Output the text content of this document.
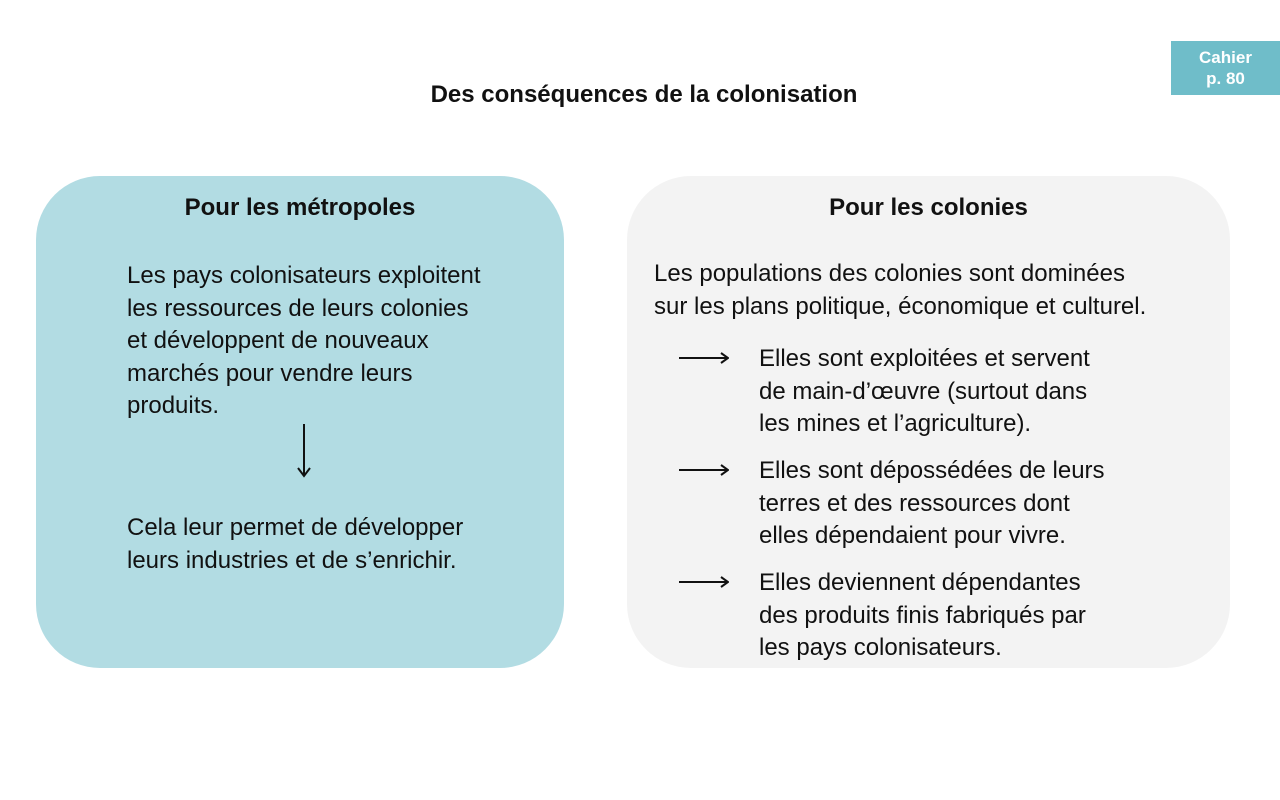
Cahier
p. 80
Des conséquences de la colonisation
Pour les métropoles

Les pays colonisateurs exploitent
les ressources de leurs colonies
et développent de nouveaux
marchés pour vendre leurs
produits.

Cela leur permet de développer
leurs industries et de s’enrichir.

Pour les colonies

Les populations des colonies sont dominées
sur les plans politique, économique et culturel.

Elles sont exploitées et servent
de main-d’œuvre (surtout dans
les mines et l’agriculture).

Elles sont dépossédées de leurs
terres et des ressources dont
elles dépendaient pour vivre.

Elles deviennent dépendantes
des produits finis fabriqués par
les pays colonisateurs.
